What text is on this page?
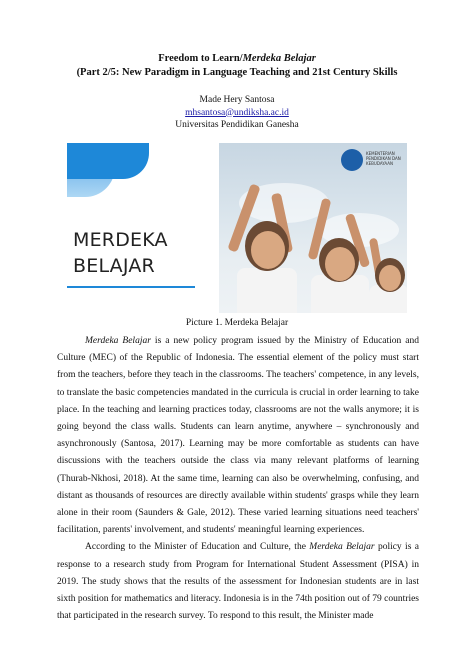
Freedom to Learn/Merdeka Belajar
(Part 2/5: New Paradigm in Language Teaching and 21st Century Skills
Made Hery Santosa
mhsantosa@undiksha.ac.id
Universitas Pendidikan Ganesha
MERDEKA
BELAJAR
KEMENTERIAN PENDIDIKAN DAN KEBUDAYAAN
Picture 1. Merdeka Belajar

Merdeka Belajar is a new policy program issued by the Ministry of Education and Culture (MEC) of the Republic of Indonesia. The essential element of the policy must start from the teachers, before they teach in the classrooms. The teachers' competence, in any levels, to translate the basic competencies mandated in the curricula is crucial in order learning to take place. In the teaching and learning practices today, classrooms are not the walls anymore; it is going beyond the class walls. Students can learn anytime, anywhere – synchronously and asynchronously (Santosa, 2017). Learning may be more comfortable as students can have discussions with the teachers outside the class via many relevant platforms of learning (Thurab-Nkhosi, 2018). At the same time, learning can also be overwhelming, confusing, and distant as thousands of resources are directly available within students' grasps while they learn alone in their room (Saunders & Gale, 2012). These varied learning situations need teachers' facilitation, parents' involvement, and students' meaningful learning experiences.

According to the Minister of Education and Culture, the Merdeka Belajar policy is a response to a research study from Program for International Student Assessment (PISA) in 2019. The study shows that the results of the assessment for Indonesian students are in last sixth position for mathematics and literacy. Indonesia is in the 74th position out of 79 countries that participated in the research survey. To respond to this result, the Minister made
